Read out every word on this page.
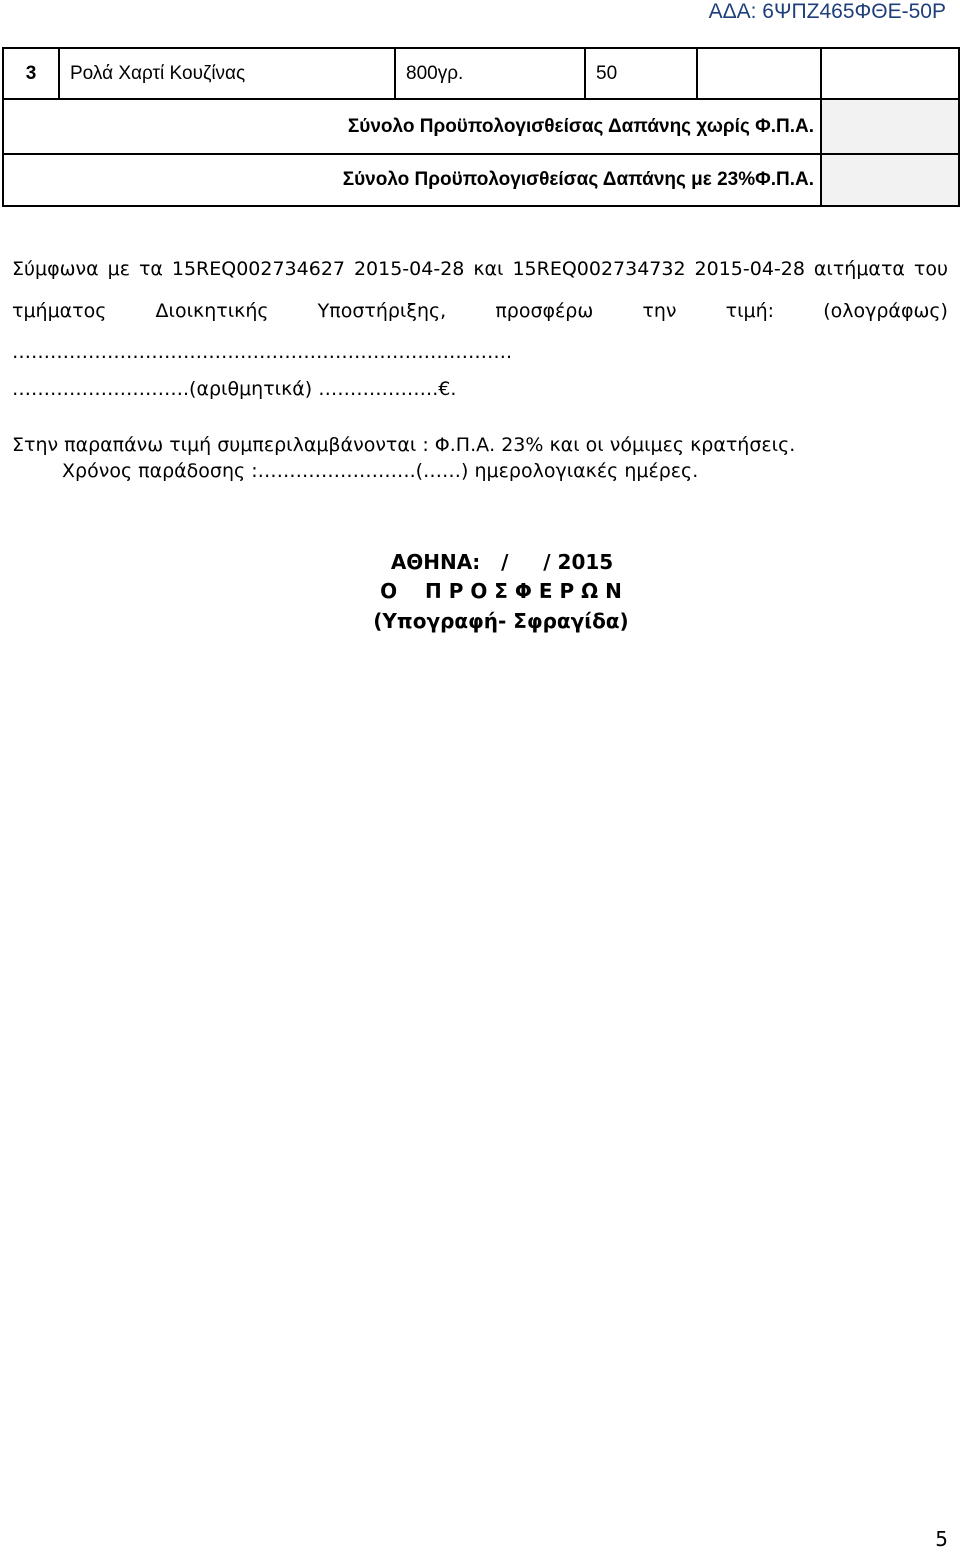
ΑΔΑ: 6ΨΠΖ465ΦΘΕ-50Ρ
3	Ρολά Χαρτί Κουζίνας	800γρ.	50		
Σύνολο Προϋπολογισθείσας Δαπάνης χωρίς Φ.Π.Α.					
Σύνολο Προϋπολογισθείσας Δαπάνης με 23%Φ.Π.Α.					
Σύμφωνα με τα 15REQ002734627 2015-04-28 και 15REQ002734732 2015-04-28 αιτήματα του
τμήματος	Διοικητικής	Υποστήριξης,	προσφέρω	την	τιμή:	(ολογράφως)
…………………………………………………………………….
……………………….(αριθμητικά) ……………….€.
Στην παραπάνω τιμή συμπεριλαμβάνονται : Φ.Π.Α. 23% και οι νόμιμες κρατήσεις.
Χρόνος παράδοσης :…………………….(……) ημερολογιακές ημέρες.
ΑΘΗΝΑ:   /     / 2015
Ο    Π Ρ Ο Σ Φ Ε Ρ Ω Ν
(Υπογραφή- Σφραγίδα)
5
